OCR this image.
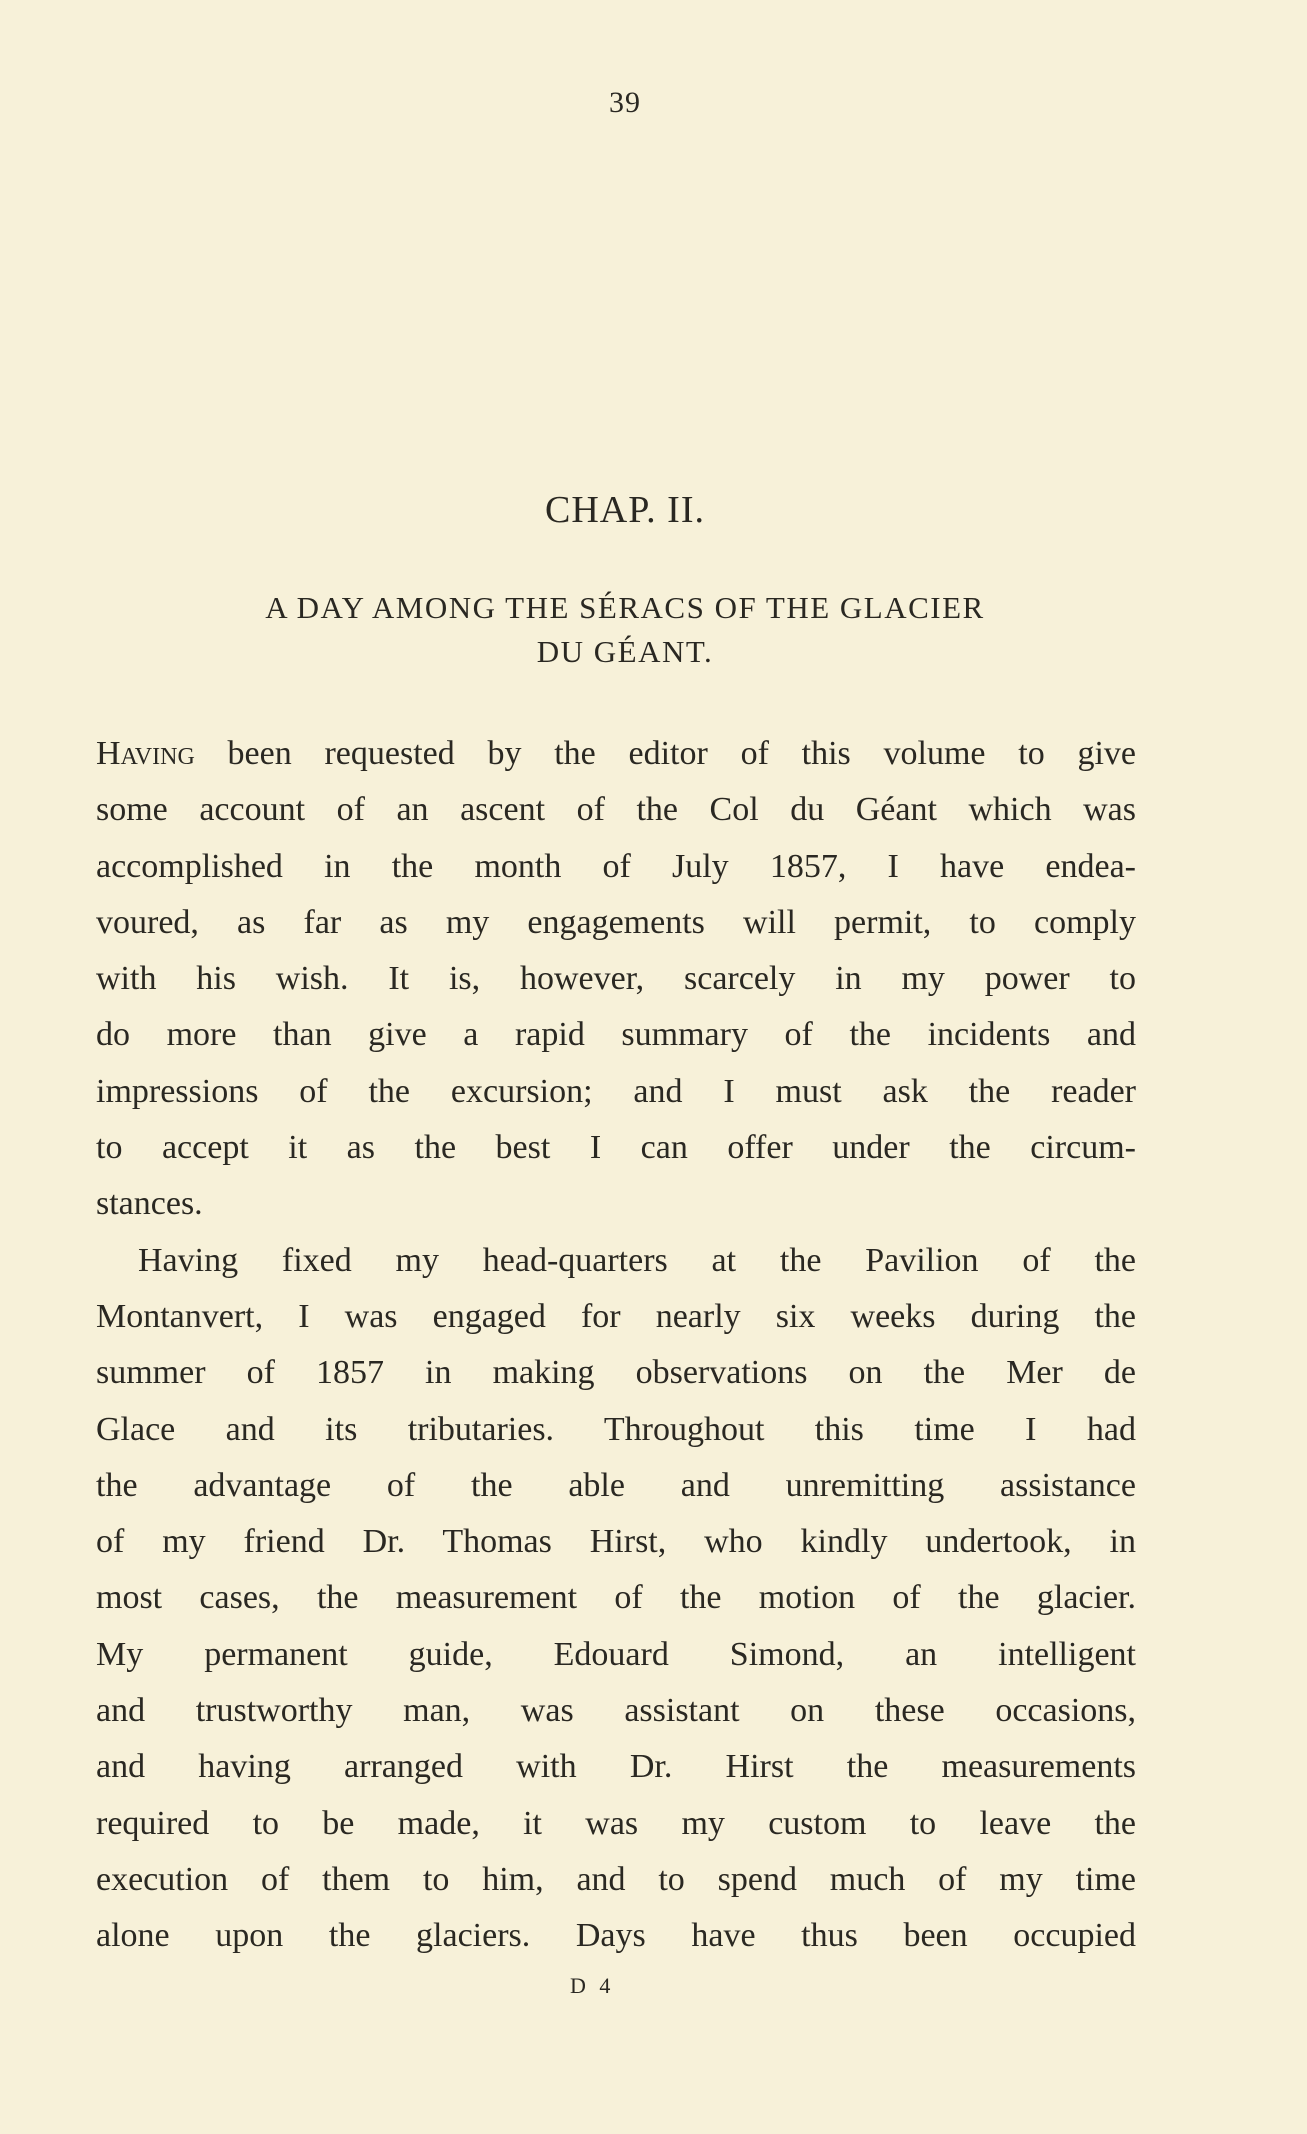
39
CHAP. II.
A DAY AMONG THE SÉRACS OF THE GLACIER
DU GÉANT.
Having been requested by the editor of this volume to give
some account of an ascent of the Col du Géant which was
accomplished in the month of July 1857, I have endea-
voured, as far as my engagements will permit, to comply
with his wish. It is, however, scarcely in my power to
do more than give a rapid summary of the incidents and
impressions of the excursion; and I must ask the reader
to accept it as the best I can offer under the circum-
stances.
Having fixed my head-quarters at the Pavilion of the
Montanvert, I was engaged for nearly six weeks during the
summer of 1857 in making observations on the Mer de
Glace and its tributaries. Throughout this time I had
the advantage of the able and unremitting assistance
of my friend Dr. Thomas Hirst, who kindly undertook, in
most cases, the measurement of the motion of the glacier.
My permanent guide, Edouard Simond, an intelligent
and trustworthy man, was assistant on these occasions,
and having arranged with Dr. Hirst the measurements
required to be made, it was my custom to leave the
execution of them to him, and to spend much of my time
alone upon the glaciers. Days have thus been occupied
D 4
